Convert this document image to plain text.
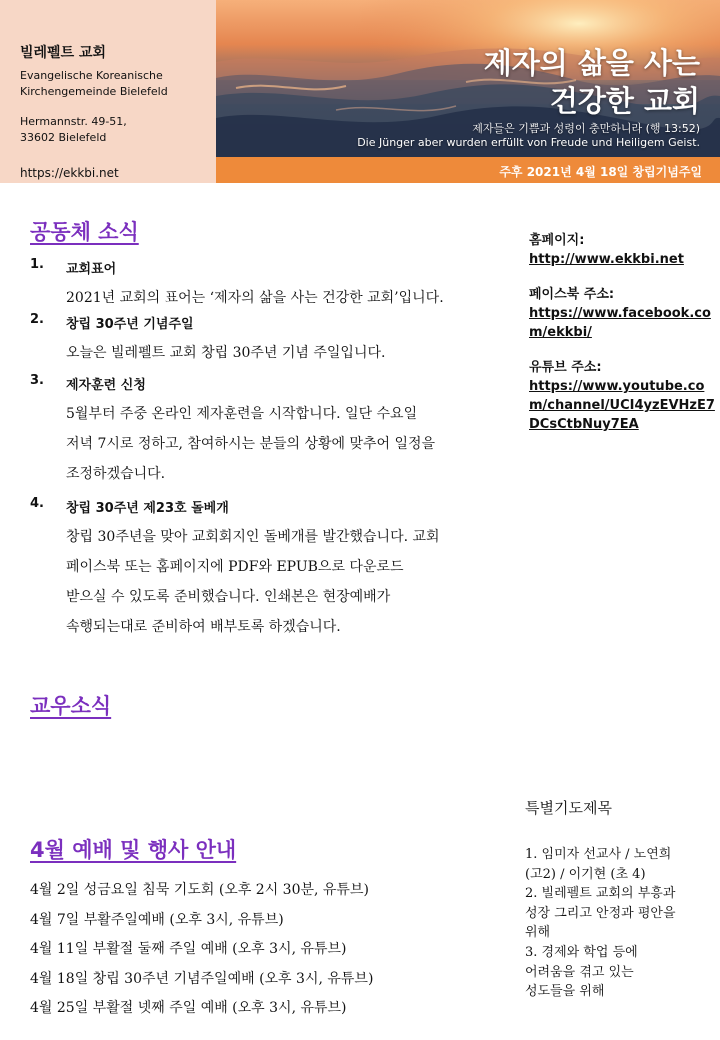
빌레펠트 교회
Evangelische Koreanische
Kirchengemeinde Bielefeld
Hermannstr. 49-51,
33602 Bielefeld
https://ekkbi.net
제자의 삶을 사는
건강한 교회
제자들은 기쁨과 성령이 충만하니라 (행 13:52)
Die Jünger aber wurden erfüllt von Freude und Heiligem Geist.
주후 2021년 4월 18일 창립기념주일
공동체 소식
1. 교회표어
2021년 교회의 표어는 ‘제자의 삶을 사는 건강한 교회’입니다.
2. 창립 30주년 기념주일
오늘은 빌레펠트 교회 창립 30주년 기념 주일입니다.
3. 제자훈련 신청
5월부터 주중 온라인 제자훈련을 시작합니다. 일단 수요일
저녁 7시로 정하고, 참여하시는 분들의 상황에 맞추어 일정을
조정하겠습니다.
4. 창립 30주년 제23호 돌베개
창립 30주년을 맞아 교회회지인 돌베개를 발간했습니다. 교회
페이스북 또는 홈페이지에 PDF와 EPUB으로 다운로드
받으실 수 있도록 준비했습니다. 인쇄본은 현장예배가
속행되는대로 준비하여 배부토록 하겠습니다.
교우소식
4월 예배 및 행사 안내
4월 2일 성금요일 침묵 기도회 (오후 2시 30분, 유튜브)
4월 7일 부활주일예배 (오후 3시, 유튜브)
4월 11일 부활절 둘째 주일 예배 (오후 3시, 유튜브)
4월 18일 창립 30주년 기념주일예배 (오후 3시, 유튜브)
4월 25일 부활절 넷째 주일 예배 (오후 3시, 유튜브)
홈페이지:
http://www.ekkbi.net
페이스북 주소:
https://www.facebook.com/ekkbi/
유튜브 주소:
https://www.youtube.com/channel/UCI4yzEVHzE7DCsCtbNuy7EA
특별기도제목
1. 임미자 선교사 / 노연희
(고2) / 이기현 (초 4)
2. 빌레펠트 교회의 부흥과
성장 그리고 안정과 평안을
위해
3. 경제와 학업 등에
어려움을 겪고 있는
성도들을 위해
